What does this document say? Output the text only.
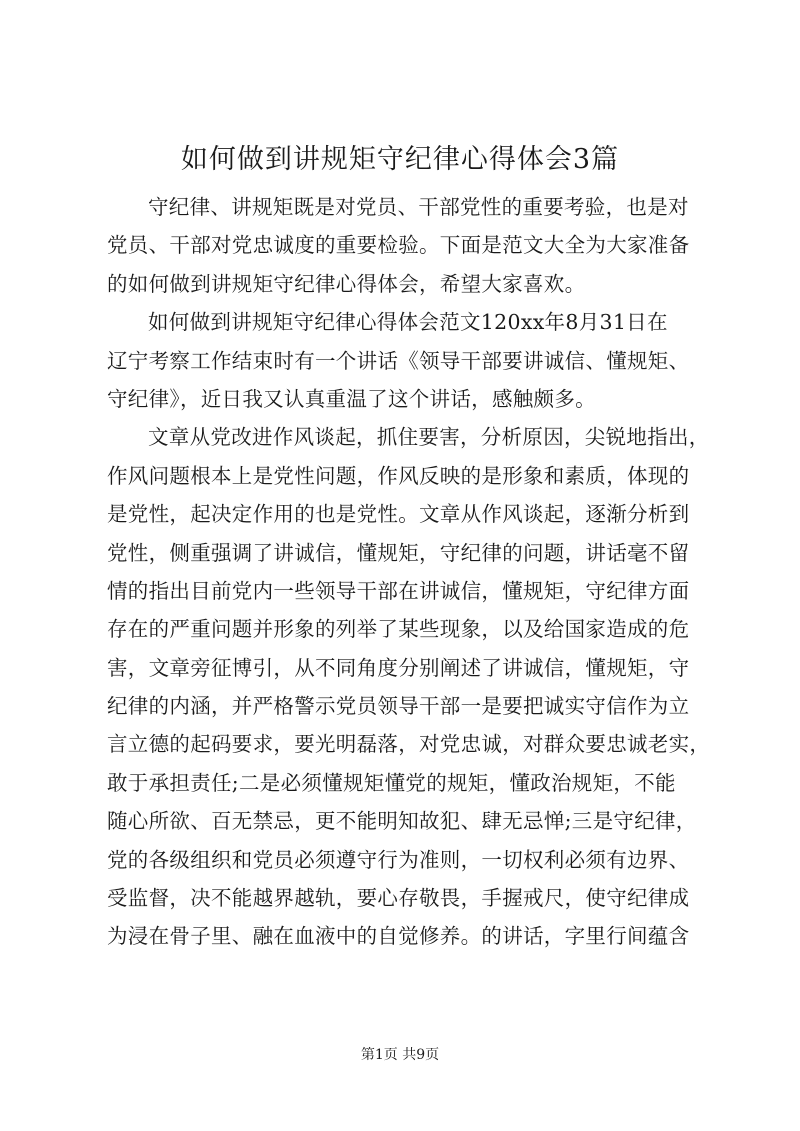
如何做到讲规矩守纪律心得体会3篇
守纪律、讲规矩既是对党员、干部党性的重要考验，也是对
党员、干部对党忠诚度的重要检验。下面是范文大全为大家准备
的如何做到讲规矩守纪律心得体会，希望大家喜欢。
如何做到讲规矩守纪律心得体会范文120xx年8月31日在
辽宁考察工作结束时有一个讲话《领导干部要讲诚信、懂规矩、
守纪律》，近日我又认真重温了这个讲话，感触颇多。
文章从党改进作风谈起，抓住要害，分析原因，尖锐地指出，
作风问题根本上是党性问题，作风反映的是形象和素质，体现的
是党性，起决定作用的也是党性。文章从作风谈起，逐渐分析到
党性，侧重强调了讲诚信，懂规矩，守纪律的问题，讲话毫不留
情的指出目前党内一些领导干部在讲诚信，懂规矩，守纪律方面
存在的严重问题并形象的列举了某些现象，以及给国家造成的危
害，文章旁征博引，从不同角度分别阐述了讲诚信，懂规矩，守
纪律的内涵，并严格警示党员领导干部一是要把诚实守信作为立
言立德的起码要求，要光明磊落，对党忠诚，对群众要忠诚老实，
敢于承担责任;二是必须懂规矩懂党的规矩，懂政治规矩，不能
随心所欲、百无禁忌，更不能明知故犯、肆无忌惮;三是守纪律，
党的各级组织和党员必须遵守行为准则，一切权利必须有边界、
受监督，决不能越界越轨，要心存敬畏，手握戒尺，使守纪律成
为浸在骨子里、融在血液中的自觉修养。的讲话，字里行间蕴含
第1页 共9页
